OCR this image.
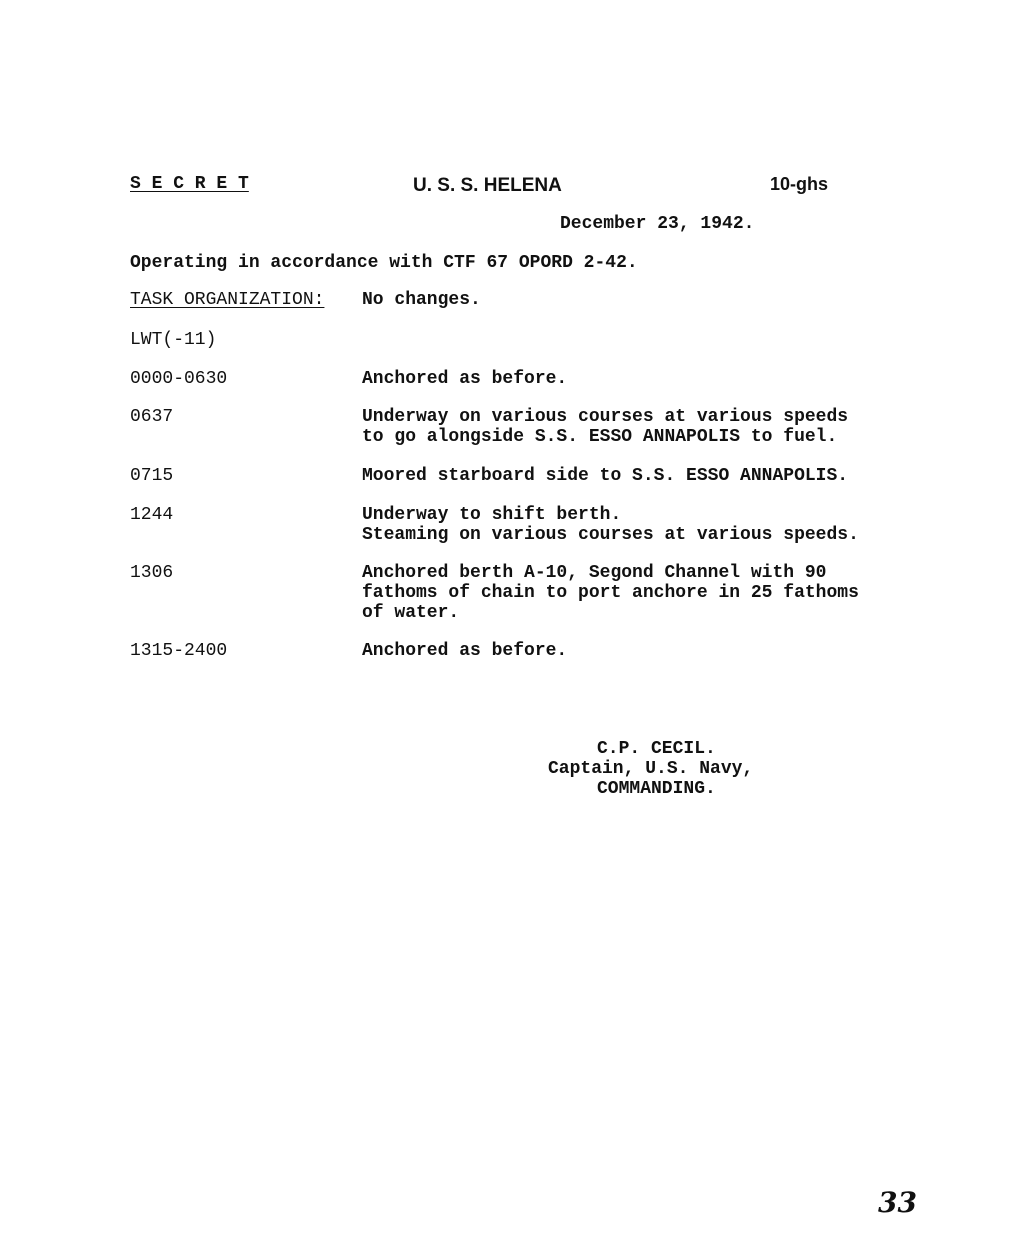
S E C R E T	U. S. S. HELENA	10-ghs
December 23, 1942.
Operating in accordance with CTF 67 OPORD 2-42.
TASK ORGANIZATION: No changes.
LWT(-11)
0000-0630	Anchored as before.
0637	Underway on various courses at various speeds
to go alongside S.S. ESSO ANNAPOLIS to fuel.
0715	Moored starboard side to S.S. ESSO ANNAPOLIS.
1244	Underway to shift berth.
Steaming on various courses at various speeds.
1306	Anchored berth A-10, Segond Channel with 90
fathoms of chain to port anchore in 25 fathoms
of water.
1315-2400	Anchored as before.
C.P. CECIL.
Captain, U.S. Navy,
COMMANDING.
33
